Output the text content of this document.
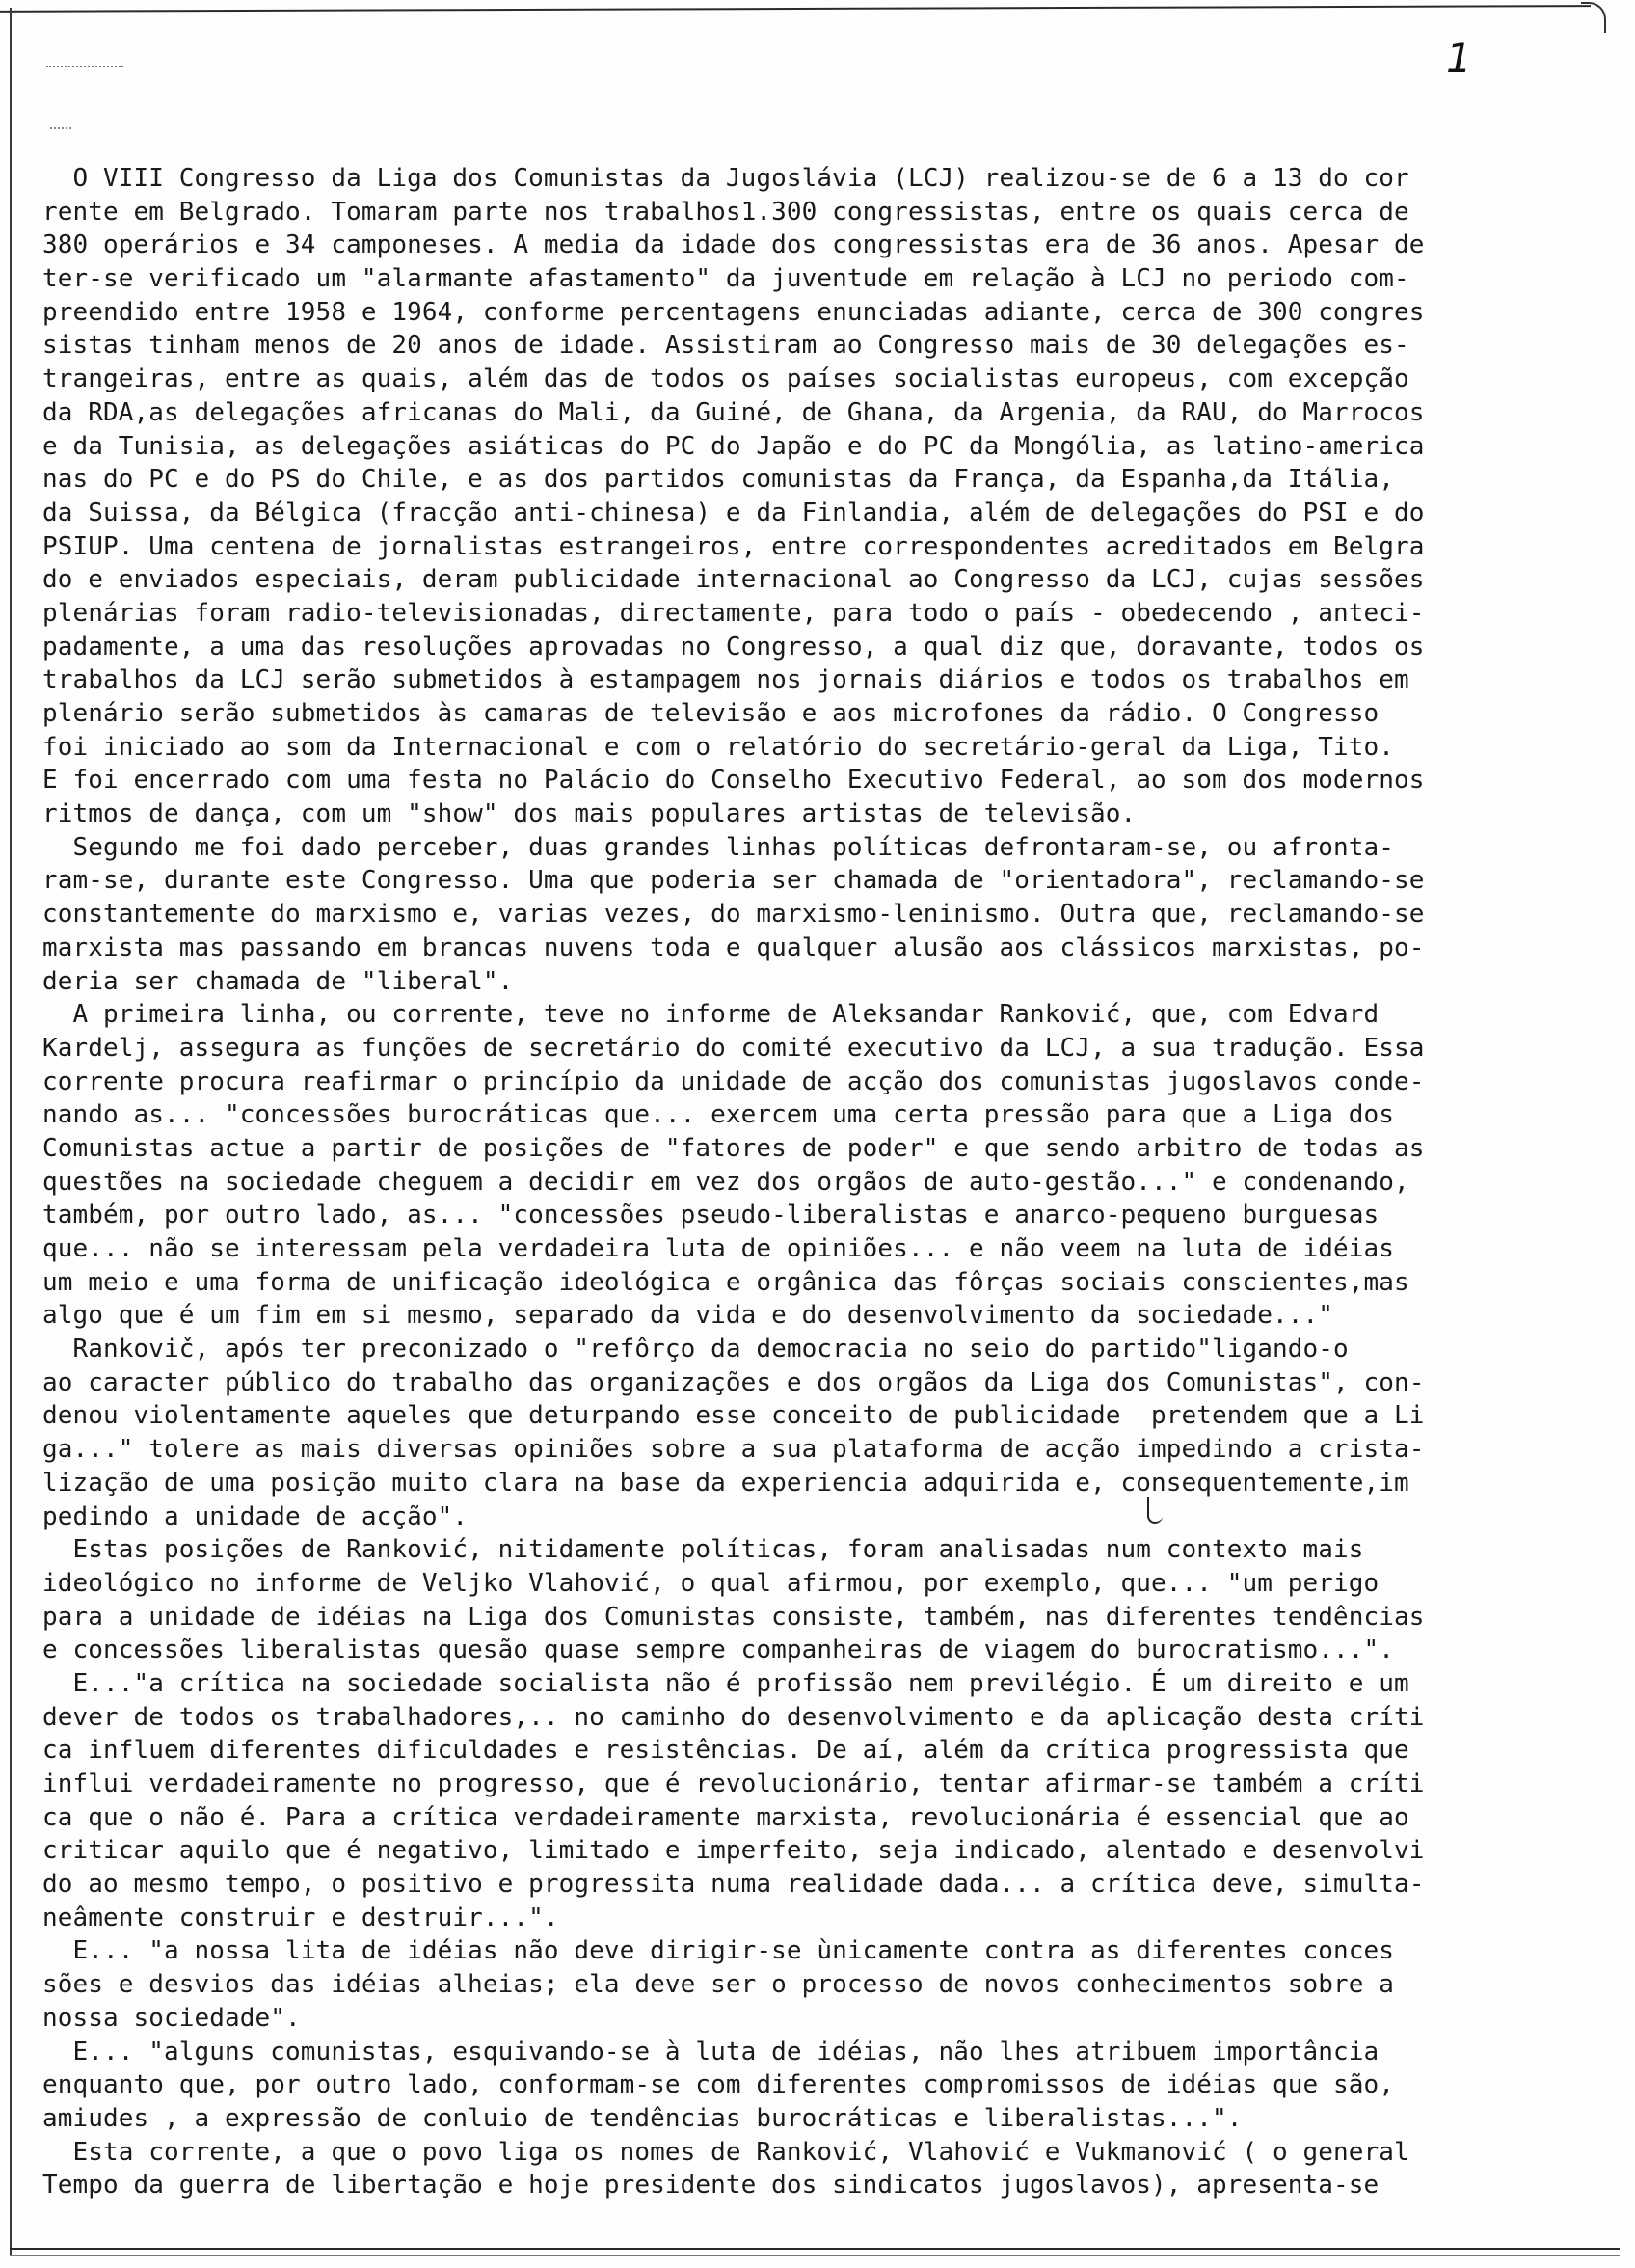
1
O VIII Congresso da Liga dos Comunistas da Jugoslávia (LCJ) realizou-se de 6 a 13 do cor
rente em Belgrado. Tomaram parte nos trabalhos1.300 congressistas, entre os quais cerca de
380 operários e 34 camponeses. A media da idade dos congressistas era de 36 anos. Apesar de
ter-se verificado um "alarmante afastamento" da juventude em relação à LCJ no periodo com-
preendido entre 1958 e 1964, conforme percentagens enunciadas adiante, cerca de 300 congres
sistas tinham menos de 20 anos de idade. Assistiram ao Congresso mais de 30 delegações es-
trangeiras, entre as quais, além das de todos os países socialistas europeus, com excepção
da RDA,as delegações africanas do Mali, da Guiné, de Ghana, da Argenia, da RAU, do Marrocos
e da Tunisia, as delegações asiáticas do PC do Japão e do PC da Mongólia, as latino-america
nas do PC e do PS do Chile, e as dos partidos comunistas da França, da Espanha,da Itália,
da Suissa, da Bélgica (fracção anti-chinesa) e da Finlandia, além de delegações do PSI e do
PSIUP. Uma centena de jornalistas estrangeiros, entre correspondentes acreditados em Belgra
do e enviados especiais, deram publicidade internacional ao Congresso da LCJ, cujas sessões
plenárias foram radio-televisionadas, directamente, para todo o país - obedecendo , anteci-
padamente, a uma das resoluções aprovadas no Congresso, a qual diz que, doravante, todos os
trabalhos da LCJ serão submetidos à estampagem nos jornais diários e todos os trabalhos em
plenário serão submetidos às camaras de televisão e aos microfones da rádio. O Congresso
foi iniciado ao som da Internacional e com o relatório do secretário-geral da Liga, Tito.
E foi encerrado com uma festa no Palácio do Conselho Executivo Federal, ao som dos modernos
ritmos de dança, com um "show" dos mais populares artistas de televisão.
Segundo me foi dado perceber, duas grandes linhas políticas defrontaram-se, ou afronta-
ram-se, durante este Congresso. Uma que poderia ser chamada de "orientadora", reclamando-se
constantemente do marxismo e, varias vezes, do marxismo-leninismo. Outra que, reclamando-se
marxista mas passando em brancas nuvens toda e qualquer alusão aos clássicos marxistas, po-
deria ser chamada de "liberal".
A primeira linha, ou corrente, teve no informe de Aleksandar Ranković, que, com Edvard
Kardelj, assegura as funções de secretário do comité executivo da LCJ, a sua tradução. Essa
corrente procura reafirmar o princípio da unidade de acção dos comunistas jugoslavos conde-
nando as... "concessões burocráticas que... exercem uma certa pressão para que a Liga dos
Comunistas actue a partir de posições de "fatores de poder" e que sendo arbitro de todas as
questões na sociedade cheguem a decidir em vez dos orgãos de auto-gestão..." e condenando,
também, por outro lado, as... "concessões pseudo-liberalistas e anarco-pequeno burguesas
que... não se interessam pela verdadeira luta de opiniões... e não veem na luta de idéias
um meio e uma forma de unificação ideológica e orgânica das fôrças sociais conscientes,mas
algo que é um fim em si mesmo, separado da vida e do desenvolvimento da sociedade..."
Rankovič, após ter preconizado o "refôrço da democracia no seio do partido"ligando-o
ao caracter público do trabalho das organizações e dos orgãos da Liga dos Comunistas", con-
denou violentamente aqueles que deturpando esse conceito de publicidade  pretendem que a Li
ga..." tolere as mais diversas opiniões sobre a sua plataforma de acção impedindo a crista-
lização de uma posição muito clara na base da experiencia adquirida e, consequentemente,im
pedindo a unidade de acção".
Estas posições de Ranković, nitidamente políticas, foram analisadas num contexto mais
ideológico no informe de Veljko Vlahović, o qual afirmou, por exemplo, que... "um perigo
para a unidade de idéias na Liga dos Comunistas consiste, também, nas diferentes tendências
e concessões liberalistas quesão quase sempre companheiras de viagem do burocratismo...".
E..."a crítica na sociedade socialista não é profissão nem previlégio. É um direito e um
dever de todos os trabalhadores,.. no caminho do desenvolvimento e da aplicação desta críti
ca influem diferentes dificuldades e resistências. De aí, além da crítica progressista que
influi verdadeiramente no progresso, que é revolucionário, tentar afirmar-se também a críti
ca que o não é. Para a crítica verdadeiramente marxista, revolucionária é essencial que ao
criticar aquilo que é negativo, limitado e imperfeito, seja indicado, alentado e desenvolvi
do ao mesmo tempo, o positivo e progressita numa realidade dada... a crítica deve, simulta-
neâmente construir e destruir...".
E... "a nossa lita de idéias não deve dirigir-se ùnicamente contra as diferentes conces
sões e desvios das idéias alheias; ela deve ser o processo de novos conhecimentos sobre a
nossa sociedade".
E... "alguns comunistas, esquivando-se à luta de idéias, não lhes atribuem importância
enquanto que, por outro lado, conformam-se com diferentes compromissos de idéias que são,
amiudes , a expressão de conluio de tendências burocráticas e liberalistas...".
Esta corrente, a que o povo liga os nomes de Ranković, Vlahović e Vukmanović ( o general
Tempo da guerra de libertação e hoje presidente dos sindicatos jugoslavos), apresenta-se
